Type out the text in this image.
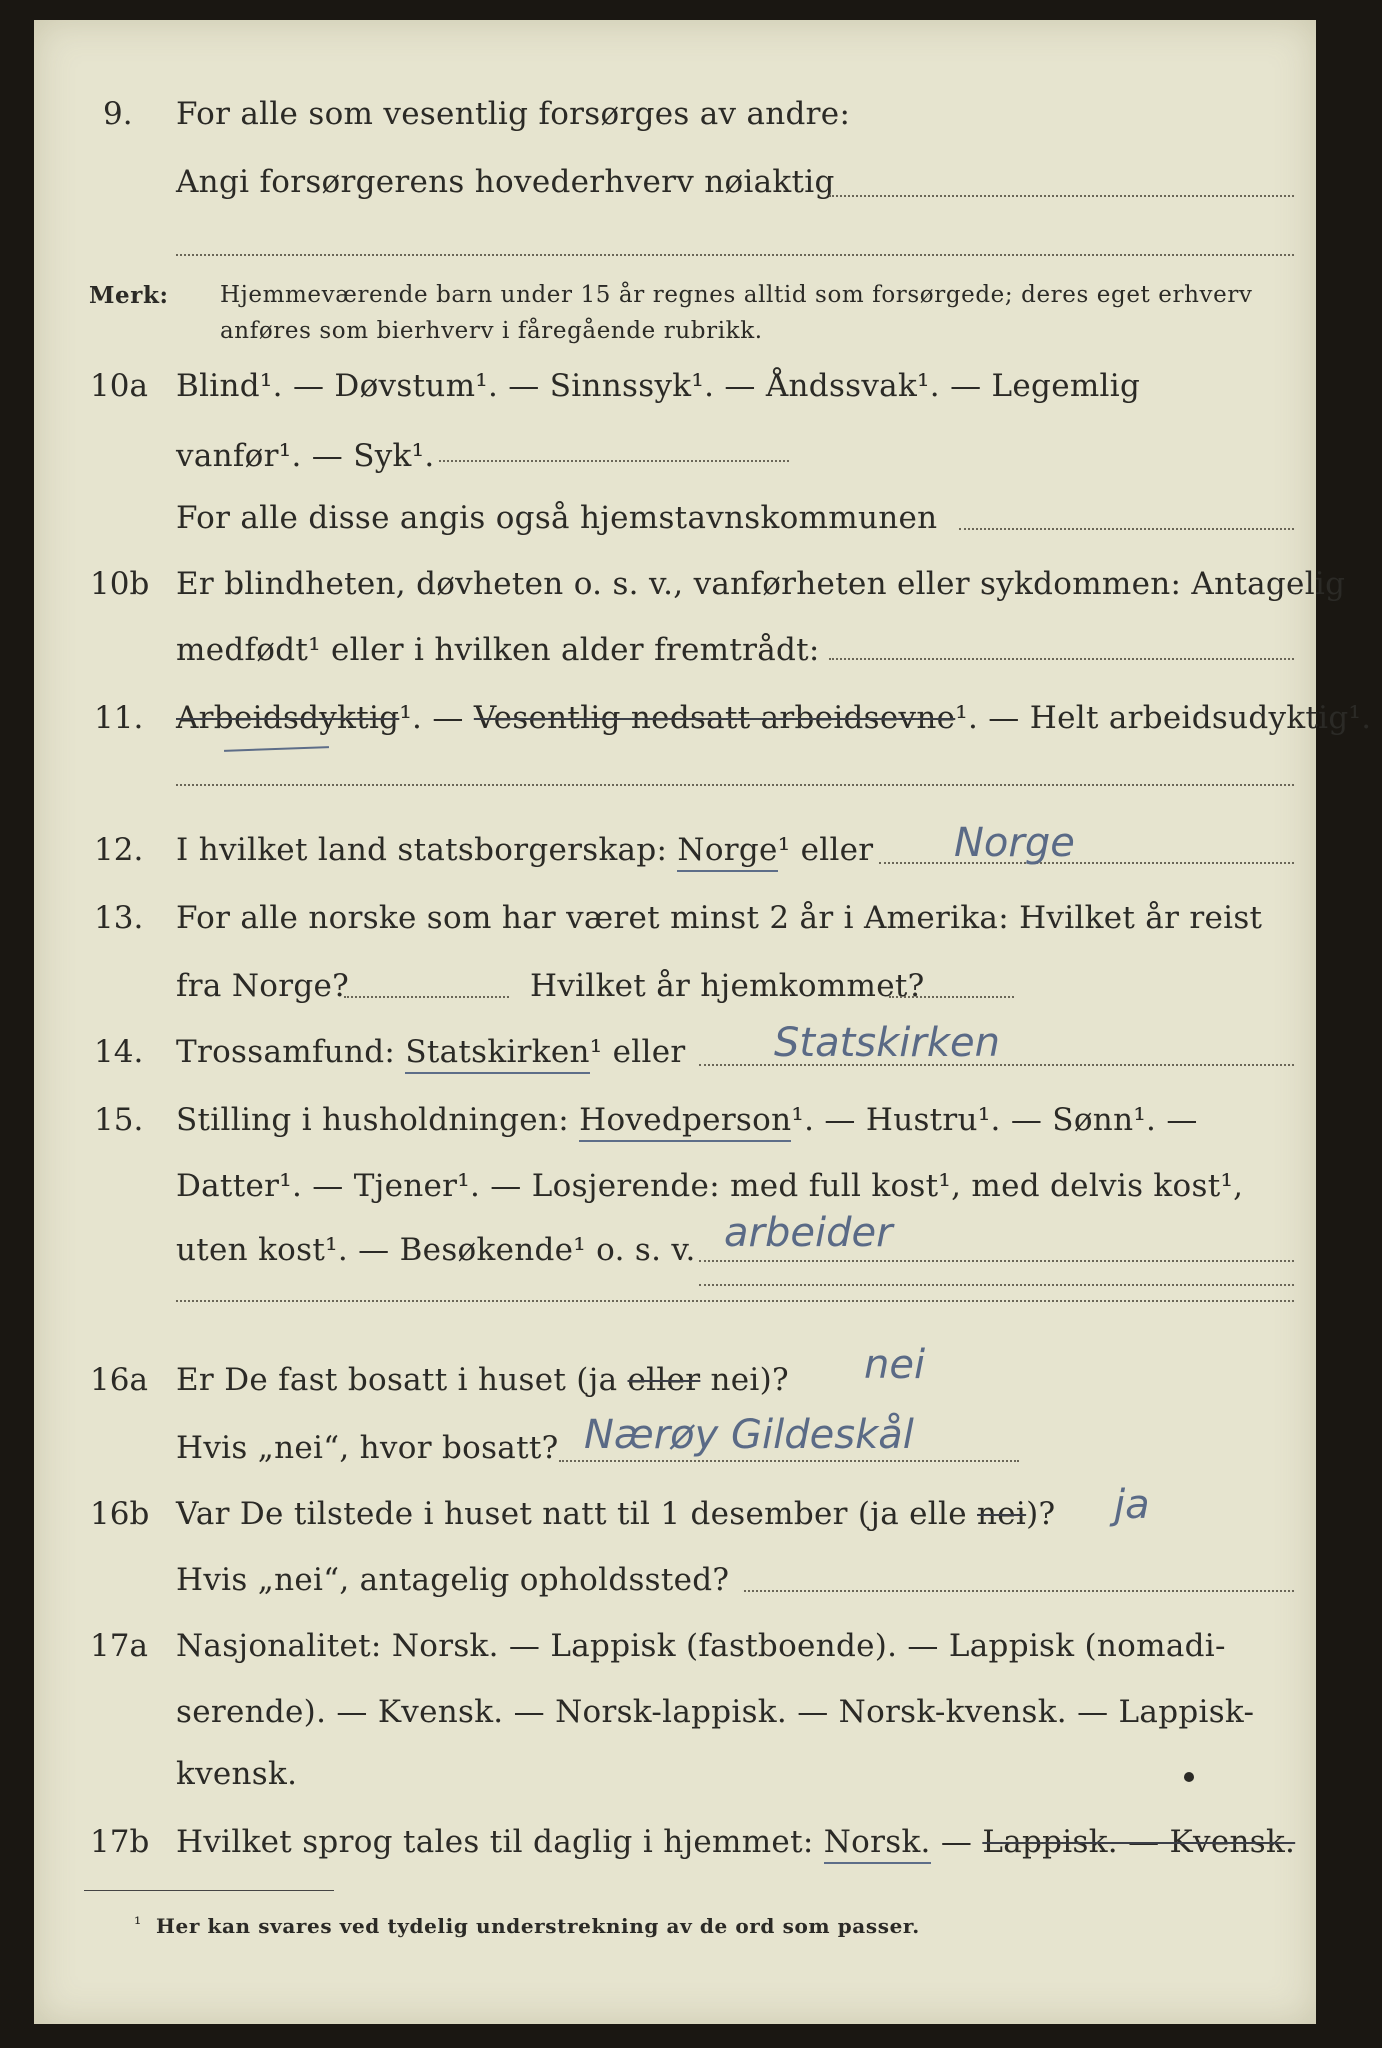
9. For alle som vesentlig forsørges av andre:
Angi forsørgerens hovederhverv nøiaktig
Merk: Hjemmeværende barn under 15 år regnes alltid som forsørgede; deres eget erhverv
anføres som bierhverv i fåregående rubrikk.
10a Blind¹. — Døvstum¹. — Sinnssyk¹. — Åndssvak¹. — Legemlig
vanfør¹. — Syk¹.
For alle disse angis også hjemstavnskommunen
10b Er blindheten, døvheten o. s. v., vanførheten eller sykdommen: Antagelig
medfødt¹ eller i hvilken alder fremtrådt:
11. Arbeidsdyktig¹. — Vesentlig nedsatt arbeidsevne¹. — Helt arbeidsudyktig¹.
12. I hvilket land statsborgerskap: Norge¹ eller Norge
13. For alle norske som har været minst 2 år i Amerika: Hvilket år reist
fra Norge?	Hvilket år hjemkommet?
14. Trossamfund: Statskirken¹ eller Statskirken
15. Stilling i husholdningen: Hovedperson¹. — Hustru¹. — Sønn¹. —
Datter¹. — Tjener¹. — Losjerende: med full kost¹, med delvis kost¹,
uten kost¹. — Besøkende¹ o. s. v. arbeider
16a Er De fast bosatt i huset (ja eller nei)? nei
Hvis „nei“, hvor bosatt? Nærøy Gildeskål
16b Var De tilstede i huset natt til 1 desember (ja elle nei)? ja
Hvis „nei“, antagelig opholdssted?
17a Nasjonalitet: Norsk. — Lappisk (fastboende). — Lappisk (nomadi-
serende). — Kvensk. — Norsk-lappisk. — Norsk-kvensk. — Lappisk-
kvensk.
17b Hvilket sprog tales til daglig i hjemmet: Norsk. — Lappisk. — Kvensk.
¹ Her kan svares ved tydelig understrekning av de ord som passer.
